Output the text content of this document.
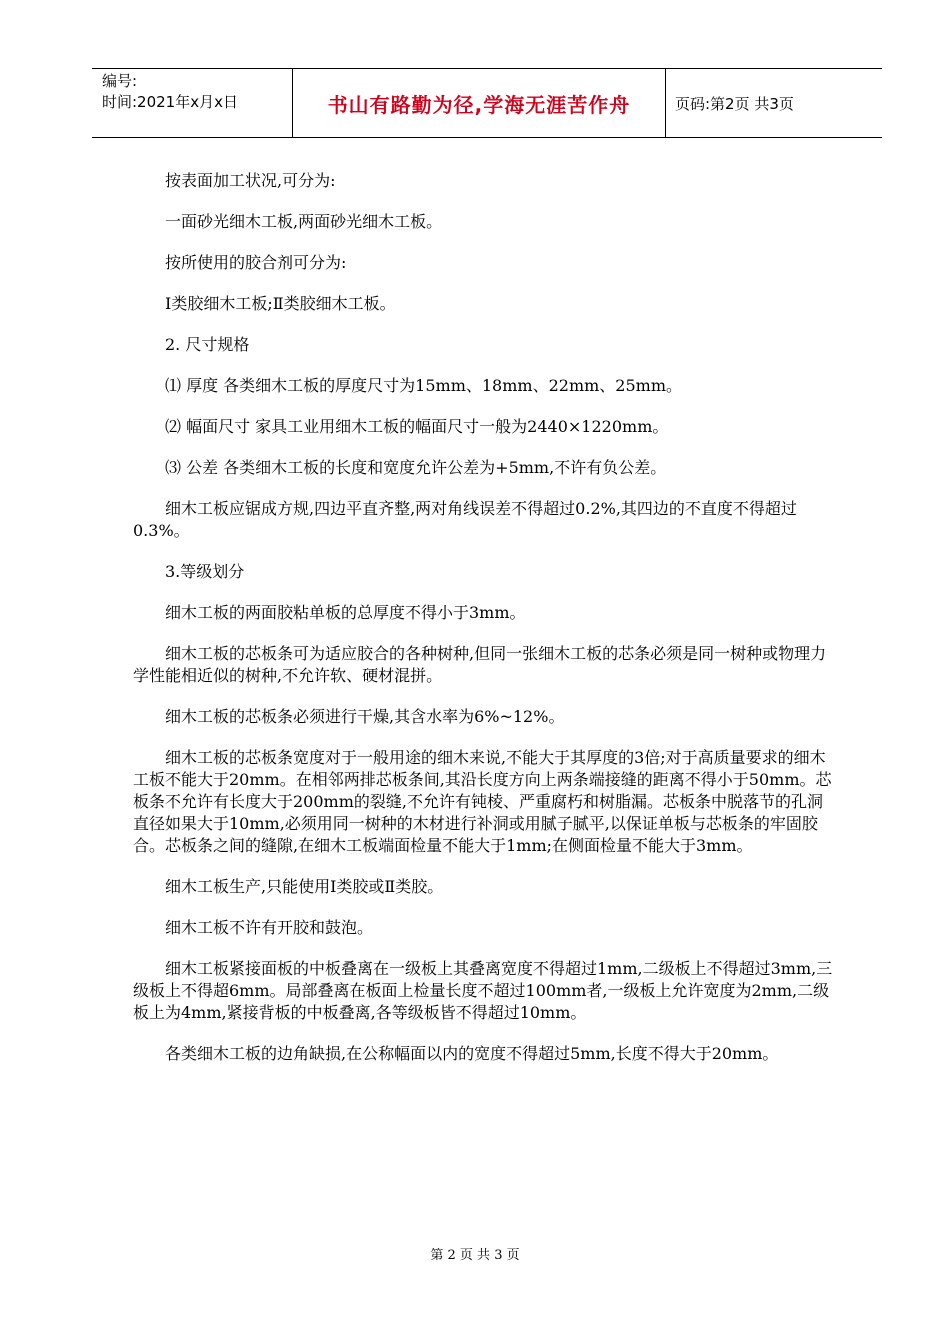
编号:
时间:2021年x月x日	书山有路勤为径,学海无涯苦作舟	页码:第2页 共3页

按表面加工状况,可分为:

一面砂光细木工板,两面砂光细木工板。

按所使用的胶合剂可分为:

Ⅰ类胶细木工板;Ⅱ类胶细木工板。

2. 尺寸规格

⑴ 厚度 各类细木工板的厚度尺寸为15mm、18mm、22mm、25mm。

⑵ 幅面尺寸 家具工业用细木工板的幅面尺寸一般为2440×1220mm。

⑶ 公差 各类细木工板的长度和宽度允许公差为+5mm,不许有负公差。

细木工板应锯成方规,四边平直齐整,两对角线误差不得超过0.2%,其四边的不直度不得超过0.3%。

3.等级划分

细木工板的两面胶粘单板的总厚度不得小于3mm。

细木工板的芯板条可为适应胶合的各种树种,但同一张细木工板的芯条必须是同一树种或物理力学性能相近似的树种,不允许软、硬材混拼。

细木工板的芯板条必须进行干燥,其含水率为6%~12%。

细木工板的芯板条宽度对于一般用途的细木来说,不能大于其厚度的3倍;对于高质量要求的细木工板不能大于20mm。在相邻两排芯板条间,其沿长度方向上两条端接缝的距离不得小于50mm。芯板条不允许有长度大于200mm的裂缝,不允许有钝棱、严重腐朽和树脂漏。芯板条中脱落节的孔洞直径如果大于10mm,必须用同一树种的木材进行补洞或用腻子腻平,以保证单板与芯板条的牢固胶合。芯板条之间的缝隙,在细木工板端面检量不能大于1mm;在侧面检量不能大于3mm。

细木工板生产,只能使用Ⅰ类胶或Ⅱ类胶。

细木工板不许有开胶和鼓泡。

细木工板紧接面板的中板叠离在一级板上其叠离宽度不得超过1mm,二级板上不得超过3mm,三级板上不得超6mm。局部叠离在板面上检量长度不超过100mm者,一级板上允许宽度为2mm,二级板上为4mm,紧接背板的中板叠离,各等级板皆不得超过10mm。

各类细木工板的边角缺损,在公称幅面以内的宽度不得超过5mm,长度不得大于20mm。

第 2 页 共 3 页
